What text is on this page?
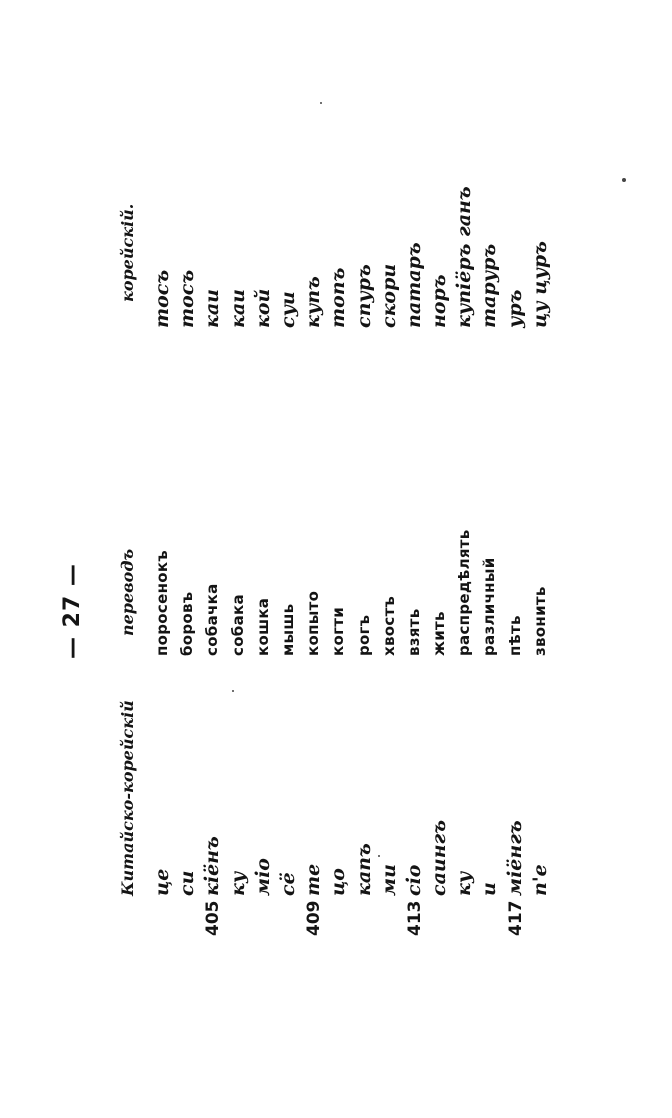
— 27 —
Китайско-корейскій
переводъ
корейскій.
це си
405кіёнъ ку міо сё
409те цо капъ ми
413сіо саингъ ку и
417міёнгъ п'е
поросенокъ боровъ собачка собака кошка мышь копыто когти рогъ хвостъ взять жить распредѣлять различный пѣть звонить
тосъ тосъ каи каи кой суи купъ топъ спуръ скори патаръ норъ купіёръ ганъ таруръ уръ цу цуръ
